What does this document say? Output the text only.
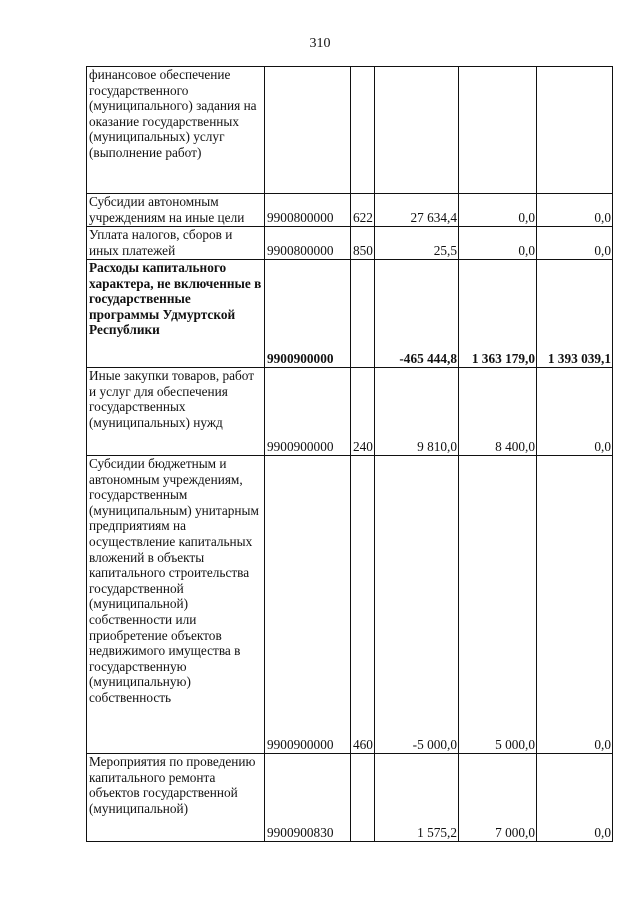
310
финансовое обеспечение государственного (муниципального) задания на оказание государственных (муниципальных) услуг (выполнение работ)					
Субсидии автономным учреждениям на иные цели	9900800000	622	27 634,4	0,0	0,0
Уплата налогов, сборов и иных платежей	9900800000	850	25,5	0,0	0,0
Расходы капитального характера, не включенные в государственные программы Удмуртской Республики	9900900000		-465 444,8	1 363 179,0	1 393 039,1
Иные закупки товаров, работ и услуг для обеспечения государственных (муниципальных) нужд	9900900000	240	9 810,0	8 400,0	0,0
Субсидии бюджетным и автономным учреждениям, государственным (муниципальным) унитарным предприятиям на осуществление капитальных вложений в объекты капитального строительства государственной (муниципальной) собственности или приобретение объектов недвижимого имущества в государственную (муниципальную) собственность	9900900000	460	-5 000,0	5 000,0	0,0
Мероприятия по проведению капитального ремонта объектов государственной (муниципальной)	9900900830		1 575,2	7 000,0	0,0
